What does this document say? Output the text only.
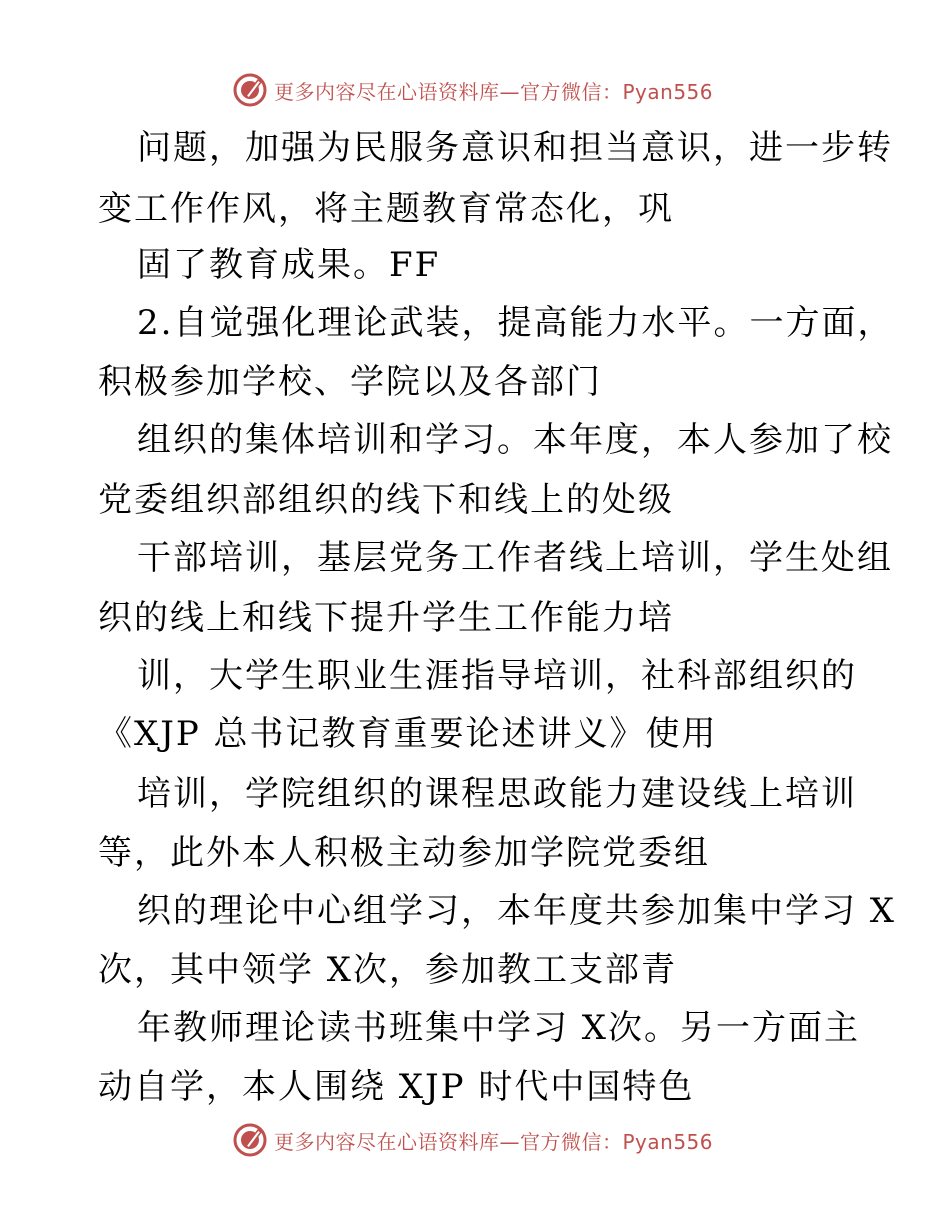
更多内容尽在心语资料库—官方微信：Pyan556
问题，加强为民服务意识和担当意识，进一步转
变工作作风，将主题教育常态化，巩
固了教育成果。FF
2.自觉强化理论武装，提高能力水平。一方面，
积极参加学校、学院以及各部门
组织的集体培训和学习。本年度，本人参加了校
党委组织部组织的线下和线上的处级
干部培训，基层党务工作者线上培训，学生处组
织的线上和线下提升学生工作能力培
训，大学生职业生涯指导培训，社科部组织的
《XJP 总书记教育重要论述讲义》使用
培训，学院组织的课程思政能力建设线上培训
等，此外本人积极主动参加学院党委组
织的理论中心组学习，本年度共参加集中学习 X
次，其中领学 X次，参加教工支部青
年教师理论读书班集中学习 X次。另一方面主
动自学，本人围绕 XJP 时代中国特色
更多内容尽在心语资料库—官方微信：Pyan556
